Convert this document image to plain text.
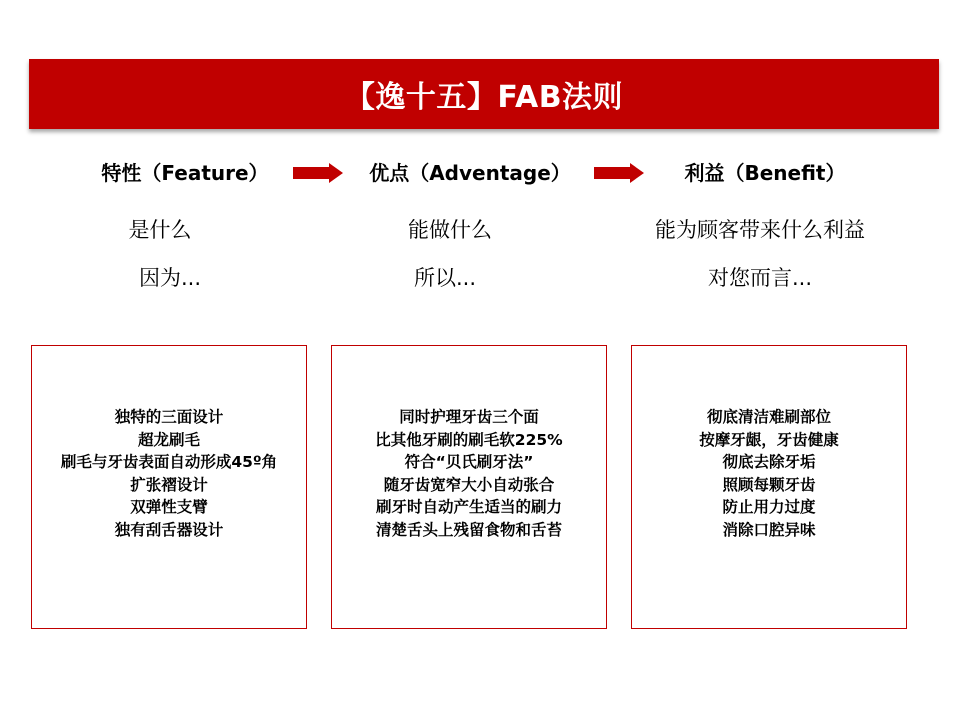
【逸十五】FAB法则
特性（Feature）	优点（Adventage）	利益（Benefit）
是什么	能做什么	能为顾客带来什么利益
因为...	所以...	对您而言...
独特的三面设计
超龙刷毛
刷毛与牙齿表面自动形成45º角
扩张褶设计
双弹性支臂
独有刮舌器设计
同时护理牙齿三个面
比其他牙刷的刷毛软225%
符合“贝氏刷牙法”
随牙齿宽窄大小自动张合
刷牙时自动产生适当的刷力
清楚舌头上残留食物和舌苔
彻底清洁难刷部位
按摩牙龈，牙齿健康
彻底去除牙垢
照顾每颗牙齿
防止用力过度
消除口腔异味
